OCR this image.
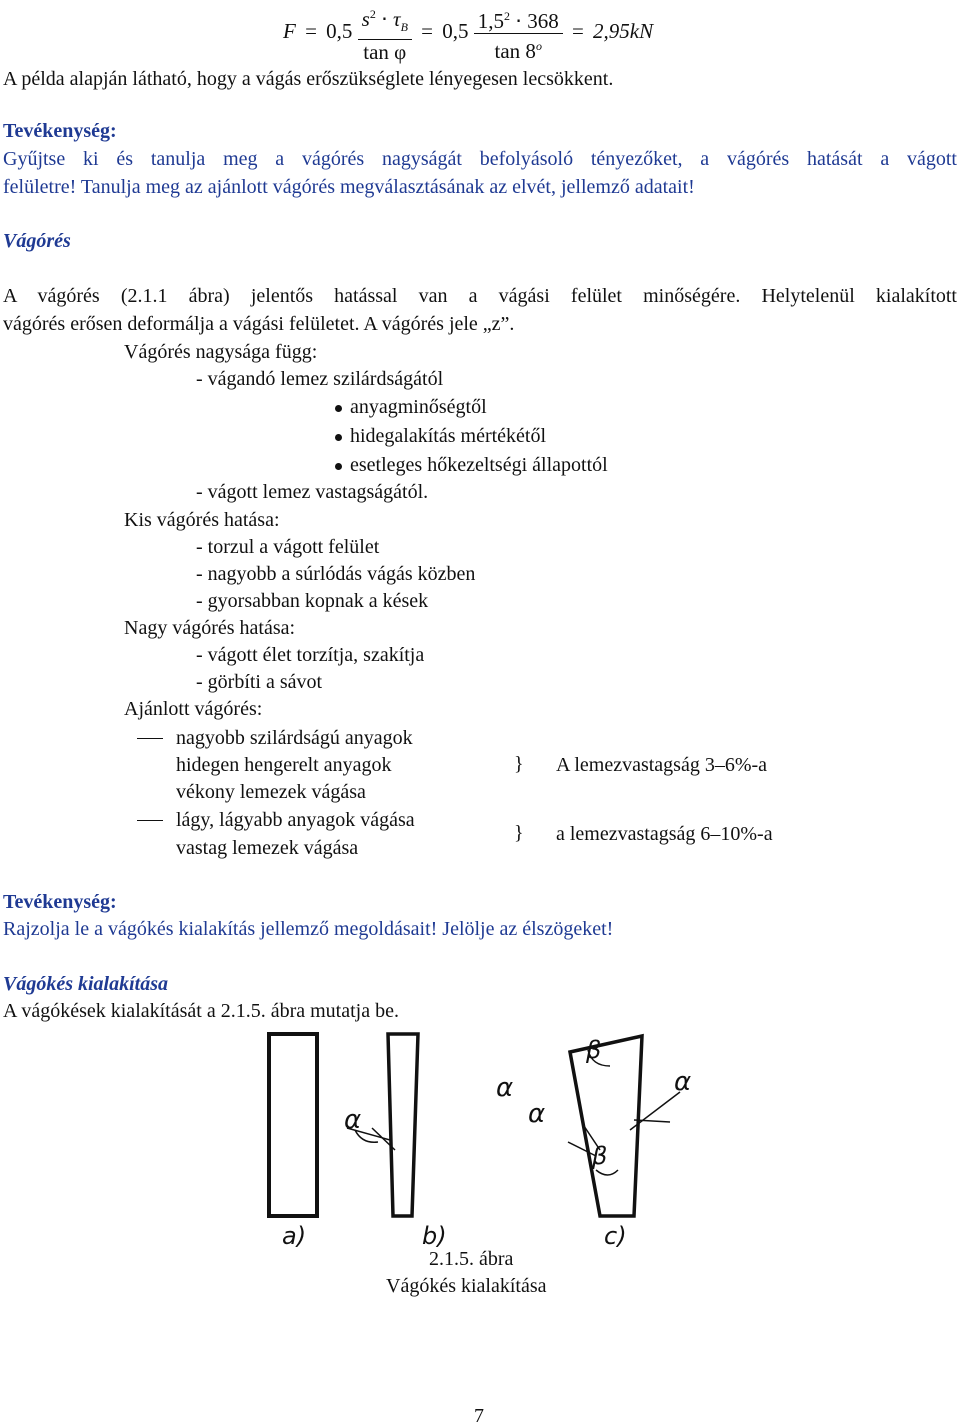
$F = 0,5 \frac{s^2 \cdot \tau_B}{\text{tan φ}} = 0,5 \frac{1,5^2 \cdot 368}{\tan 8^o} = 2,95kN$
A példa alapján látható, hogy a vágás erőszükséglete lényegesen lecsökkent.
Tevékenység:
Gyűjtse ki és tanulja meg a vágórés nagyságát befolyásoló tényezőket, a vágórés hatását a vágott
felületre! Tanulja meg az ajánlott vágórés megválasztásának az elvét, jellemző adatait!
Vágórés
A vágórés (2.1.1 ábra) jelentős hatással van a vágási felület minőségére. Helytelenül kialakított
vágórés erősen deformálja a vágási felületet. A vágórés jele „z”.
Vágórés nagysága függ:
- vágandó lemez szilárdságától
anyagminőségtől
hidegalakítás mértékétől
esetleges hőkezeltségi állapottól
- vágott lemez vastagságától.
Kis vágórés hatása:
- torzul a vágott felület
- nagyobb a súrlódás vágás közben
- gyorsabban kopnak a kések
Nagy vágórés hatása:
- vágott élet torzítja, szakítja
- görbíti a sávot
Ajánlott vágórés:
nagyobb szilárdságú anyagok
hidegen hengerelt anyagok
vékony lemezek vágása
} A lemezvastagság 3–6%-a
lágy, lágyabb anyagok vágása
vastag lemezek vágása
} a lemezvastagság 6–10%-a
Tevékenység:
Rajzolja le a vágókés kialakítás jellemző megoldásait! Jelölje az élszögeket!
Vágókés kialakítása
A vágókések kialakítását a 2.1.5. ábra mutatja be.
α	α
α
α
β
β
a)	b)	c)
2.1.5. ábra
Vágókés kialakítása
7
